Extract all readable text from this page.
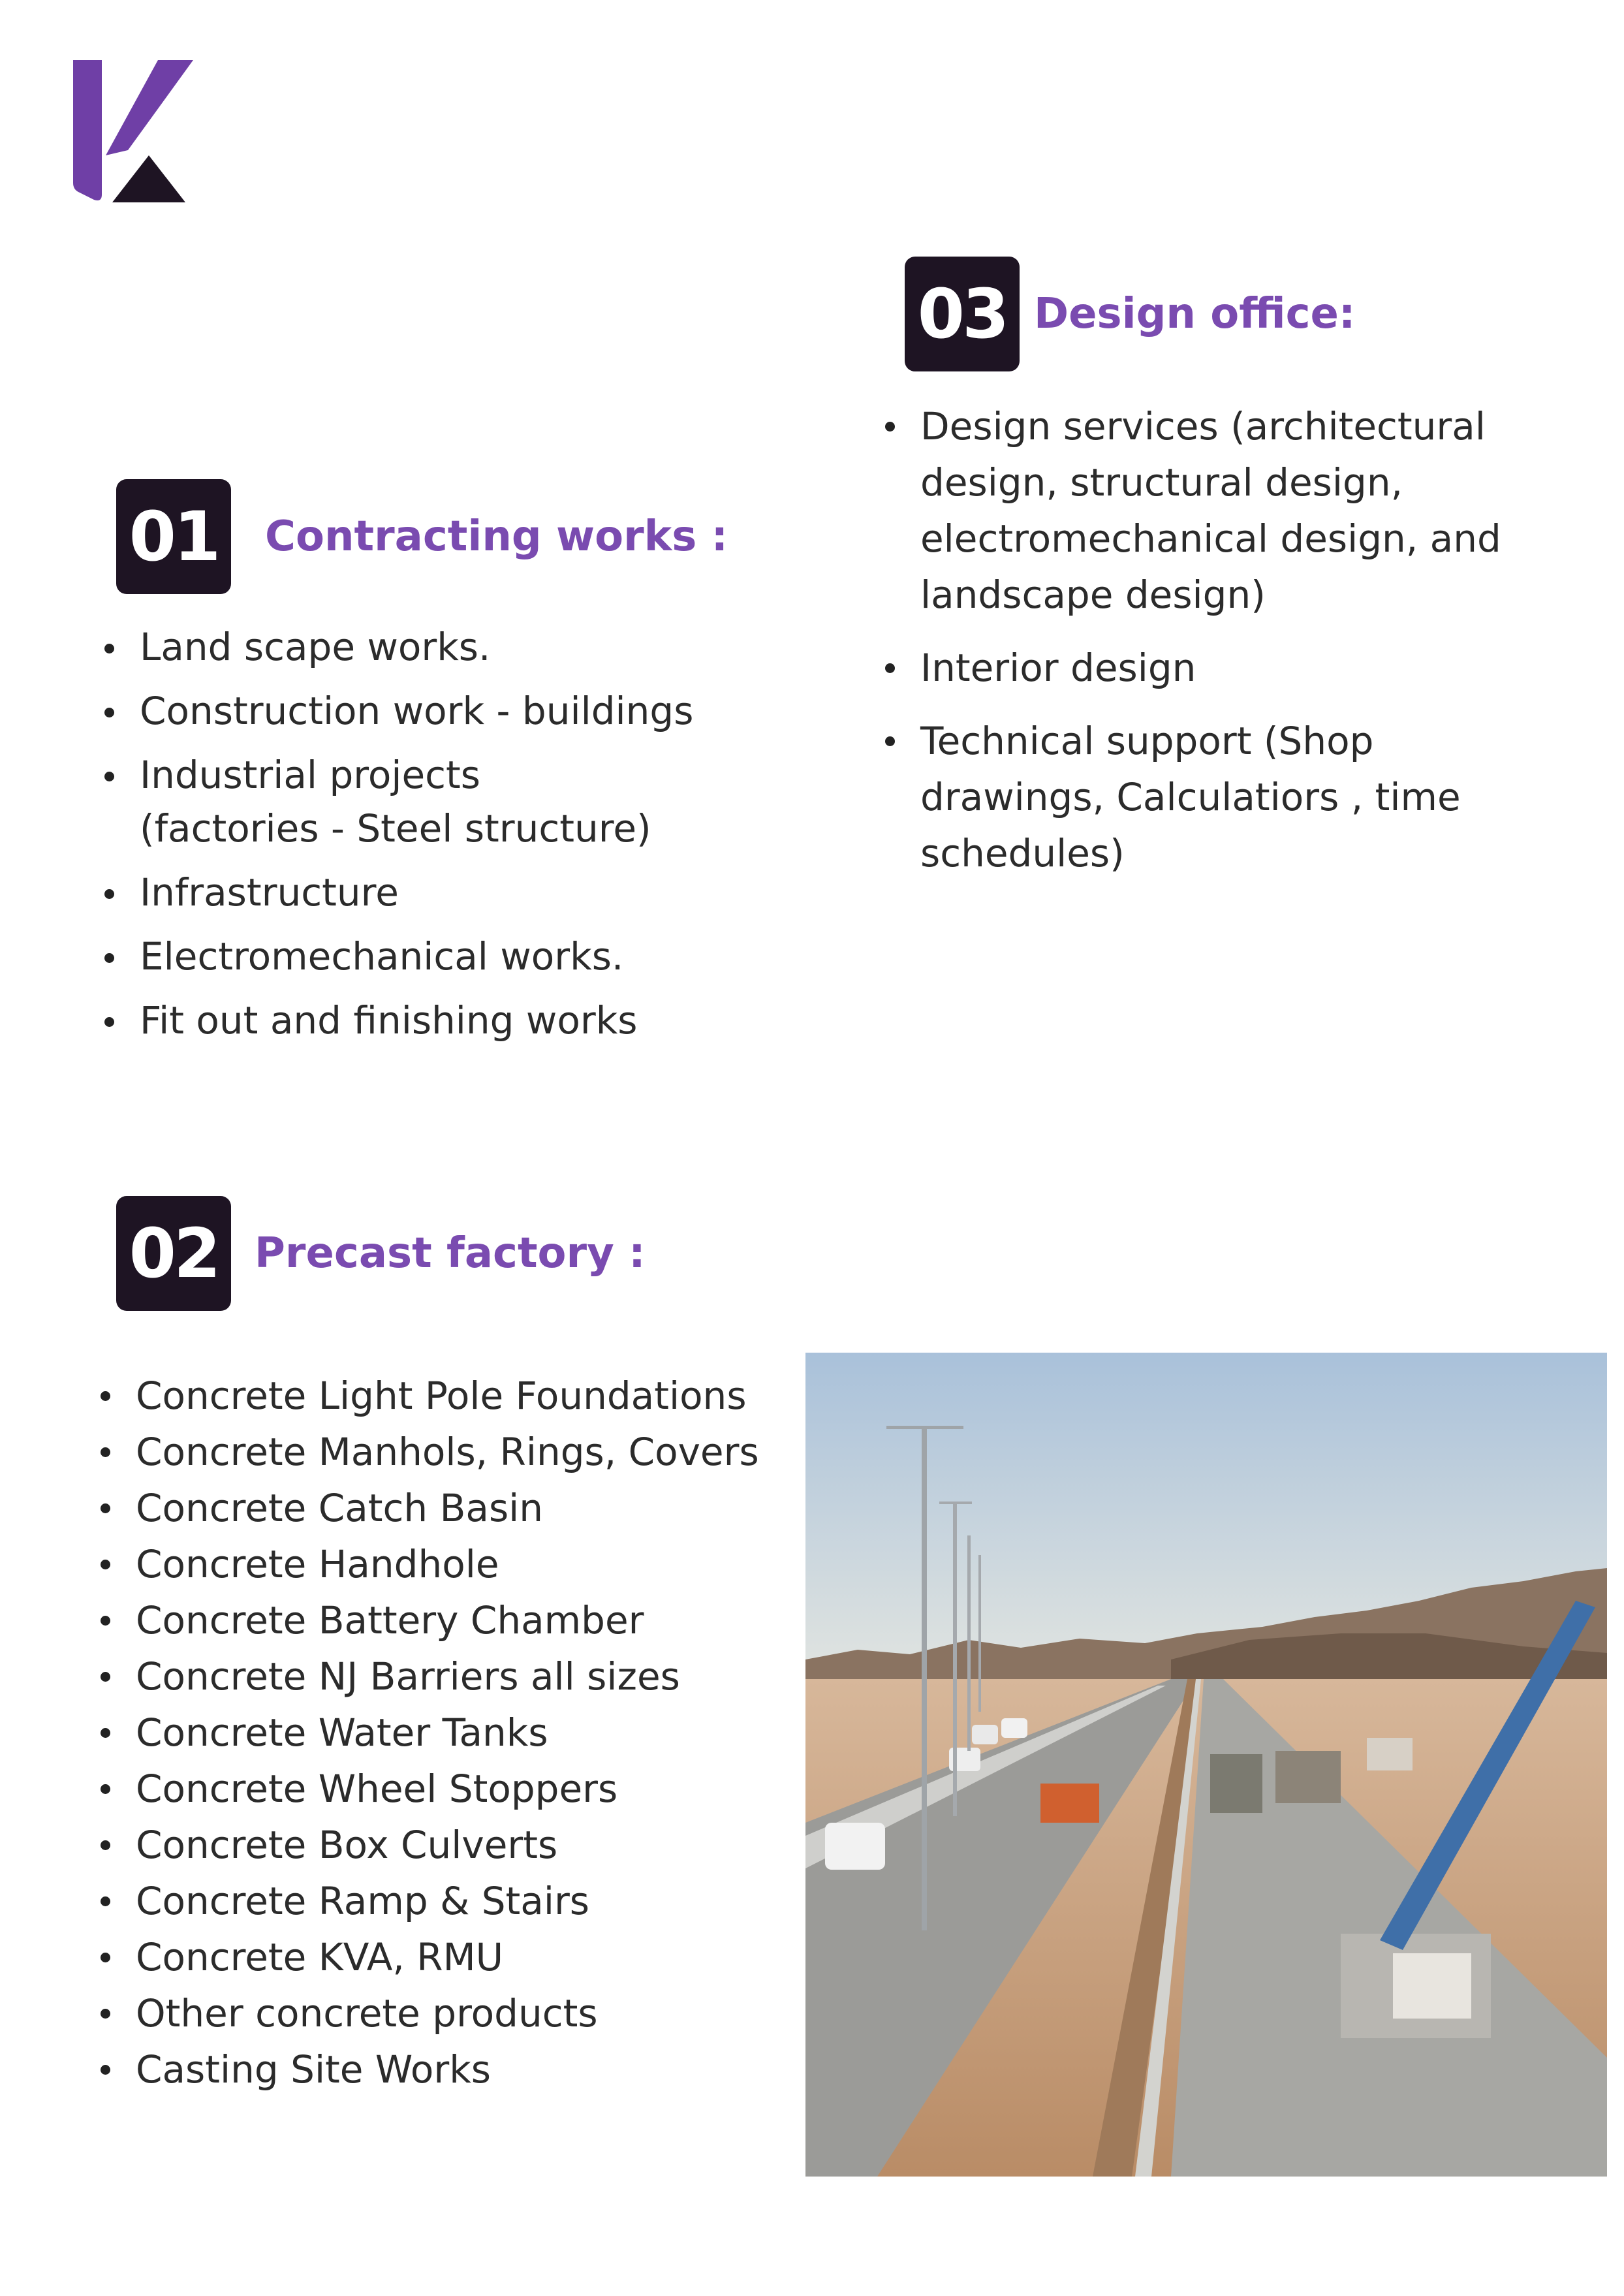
01	Contracting works :
Land scape works.
Construction work - buildings
Industrial projects
(factories - Steel structure)
Infrastructure
Electromechanical works.
Fit out and finishing works
02 Precast factory :
Concrete Light Pole Foundations
Concrete Manhols, Rings, Covers
Concrete Catch Basin
Concrete Handhole
Concrete Battery Chamber
Concrete NJ Barriers all sizes
Concrete Water Tanks
Concrete Wheel Stoppers
Concrete Box Culverts
Concrete Ramp & Stairs
Concrete KVA, RMU
Other concrete products
Casting Site Works
03 Design office:
Design services (architectural
design, structural design,
electromechanical design, and
landscape design)
Interior design
Technical support (Shop
drawings, Calculatiors , time
schedules)
